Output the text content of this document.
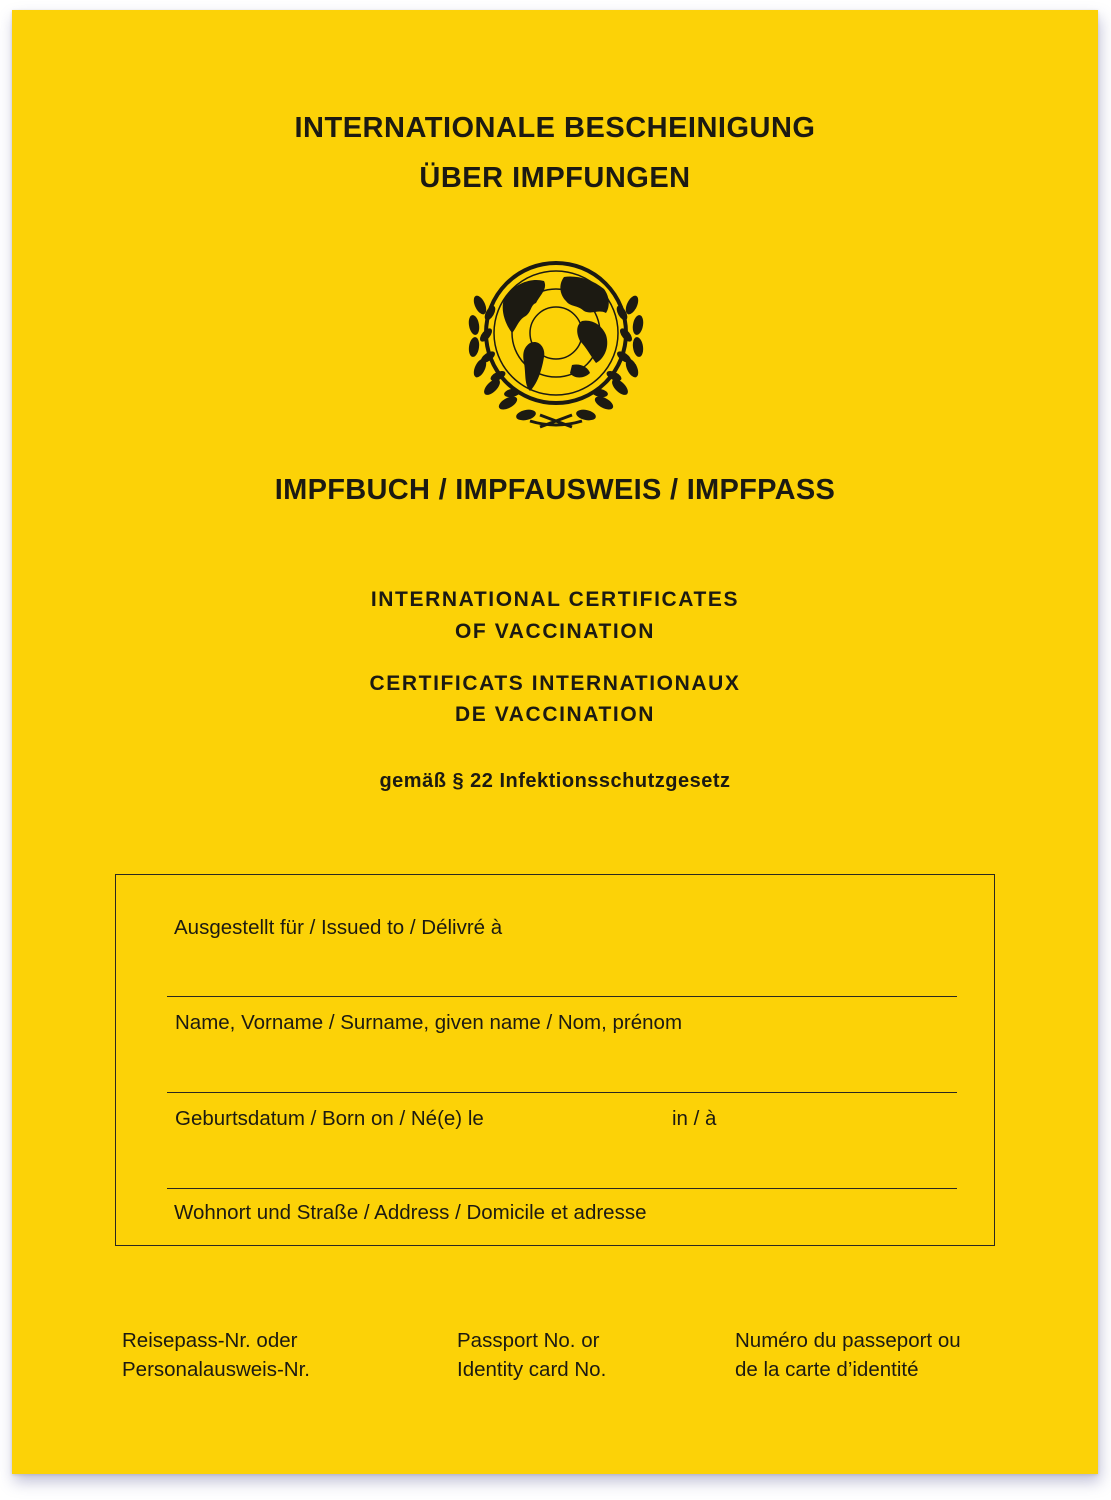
INTERNATIONALE BESCHEINIGUNG
ÜBER IMPFUNGEN
IMPFBUCH / IMPFAUSWEIS / IMPFPASS

INTERNATIONAL CERTIFICATES

OF VACCINATION

CERTIFICATS INTERNATIONAUX

DE VACCINATION

gemäß § 22 Infektionsschutzgesetz

Ausgestellt für / Issued to / Délivré à
Name, Vorname / Surname, given name / Nom, prénom
Geburtsdatum / Born on / Né(e) le	in / à
Wohnort und Straße / Address / Domicile et adresse
Reisepass-Nr. oder
Personalausweis-Nr.
Passport No. or
Identity card No.
Numéro du passeport ou
de la carte d’identité
